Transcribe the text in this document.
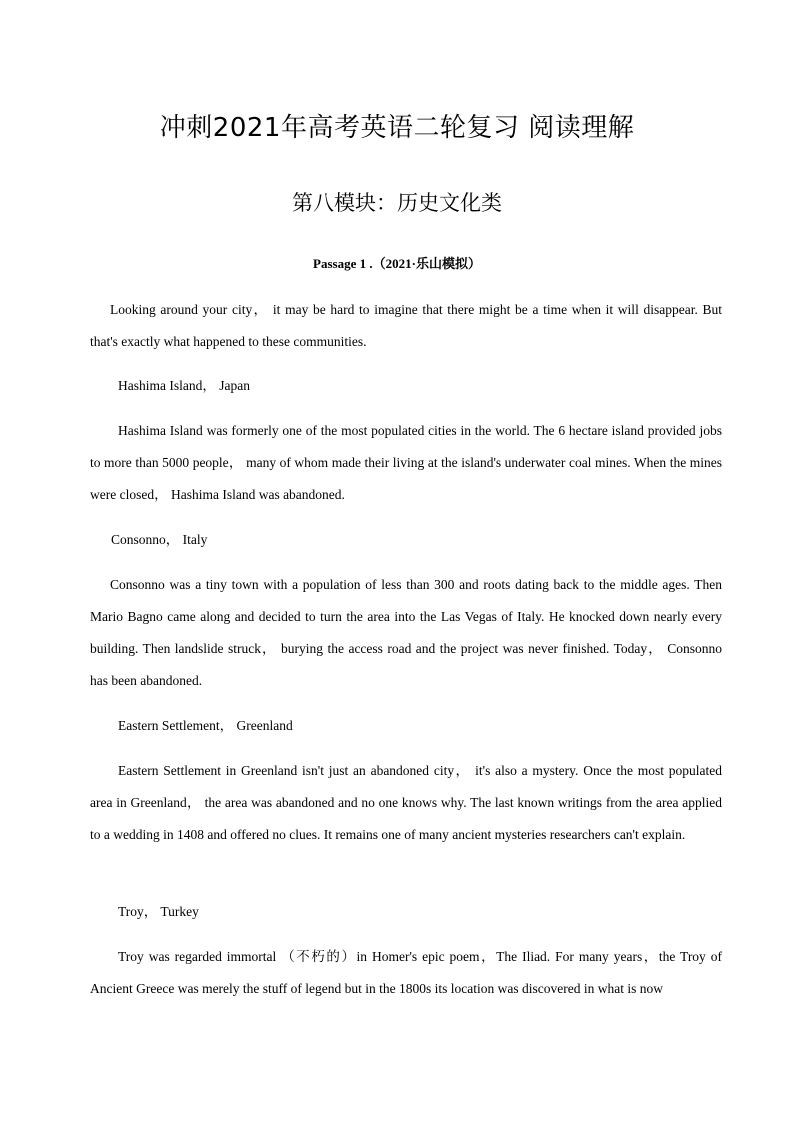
冲刺2021年高考英语二轮复习 阅读理解
第八模块：历史文化类
Passage 1 .（2021·乐山模拟）

Looking around your city， it may be hard to imagine that there might be a time when it will disappear. But that's exactly what happened to these communities.

Hashima Island， Japan

Hashima Island was formerly one of the most populated cities in the world. The 6 hectare island provided jobs to more than 5000 people， many of whom made their living at the island's underwater coal mines. When the mines were closed， Hashima Island was abandoned.

Consonno， Italy

Consonno was a tiny town with a population of less than 300 and roots dating back to the middle ages. Then Mario Bagno came along and decided to turn the area into the Las Vegas of Italy. He knocked down nearly every building. Then landslide struck， burying the access road and the project was never finished. Today， Consonno has been abandoned.

Eastern Settlement， Greenland

Eastern Settlement in Greenland isn't just an abandoned city， it's also a mystery. Once the most populated area in Greenland， the area was abandoned and no one knows why. The last known writings from the area applied to a wedding in 1408 and offered no clues. It remains one of many ancient mysteries researchers can't explain.

Troy， Turkey

Troy was regarded immortal （不朽的）in Homer's epic poem，The Iliad. For many years，the Troy of Ancient Greece was merely the stuff of legend but in the 1800s its location was discovered in what is now
